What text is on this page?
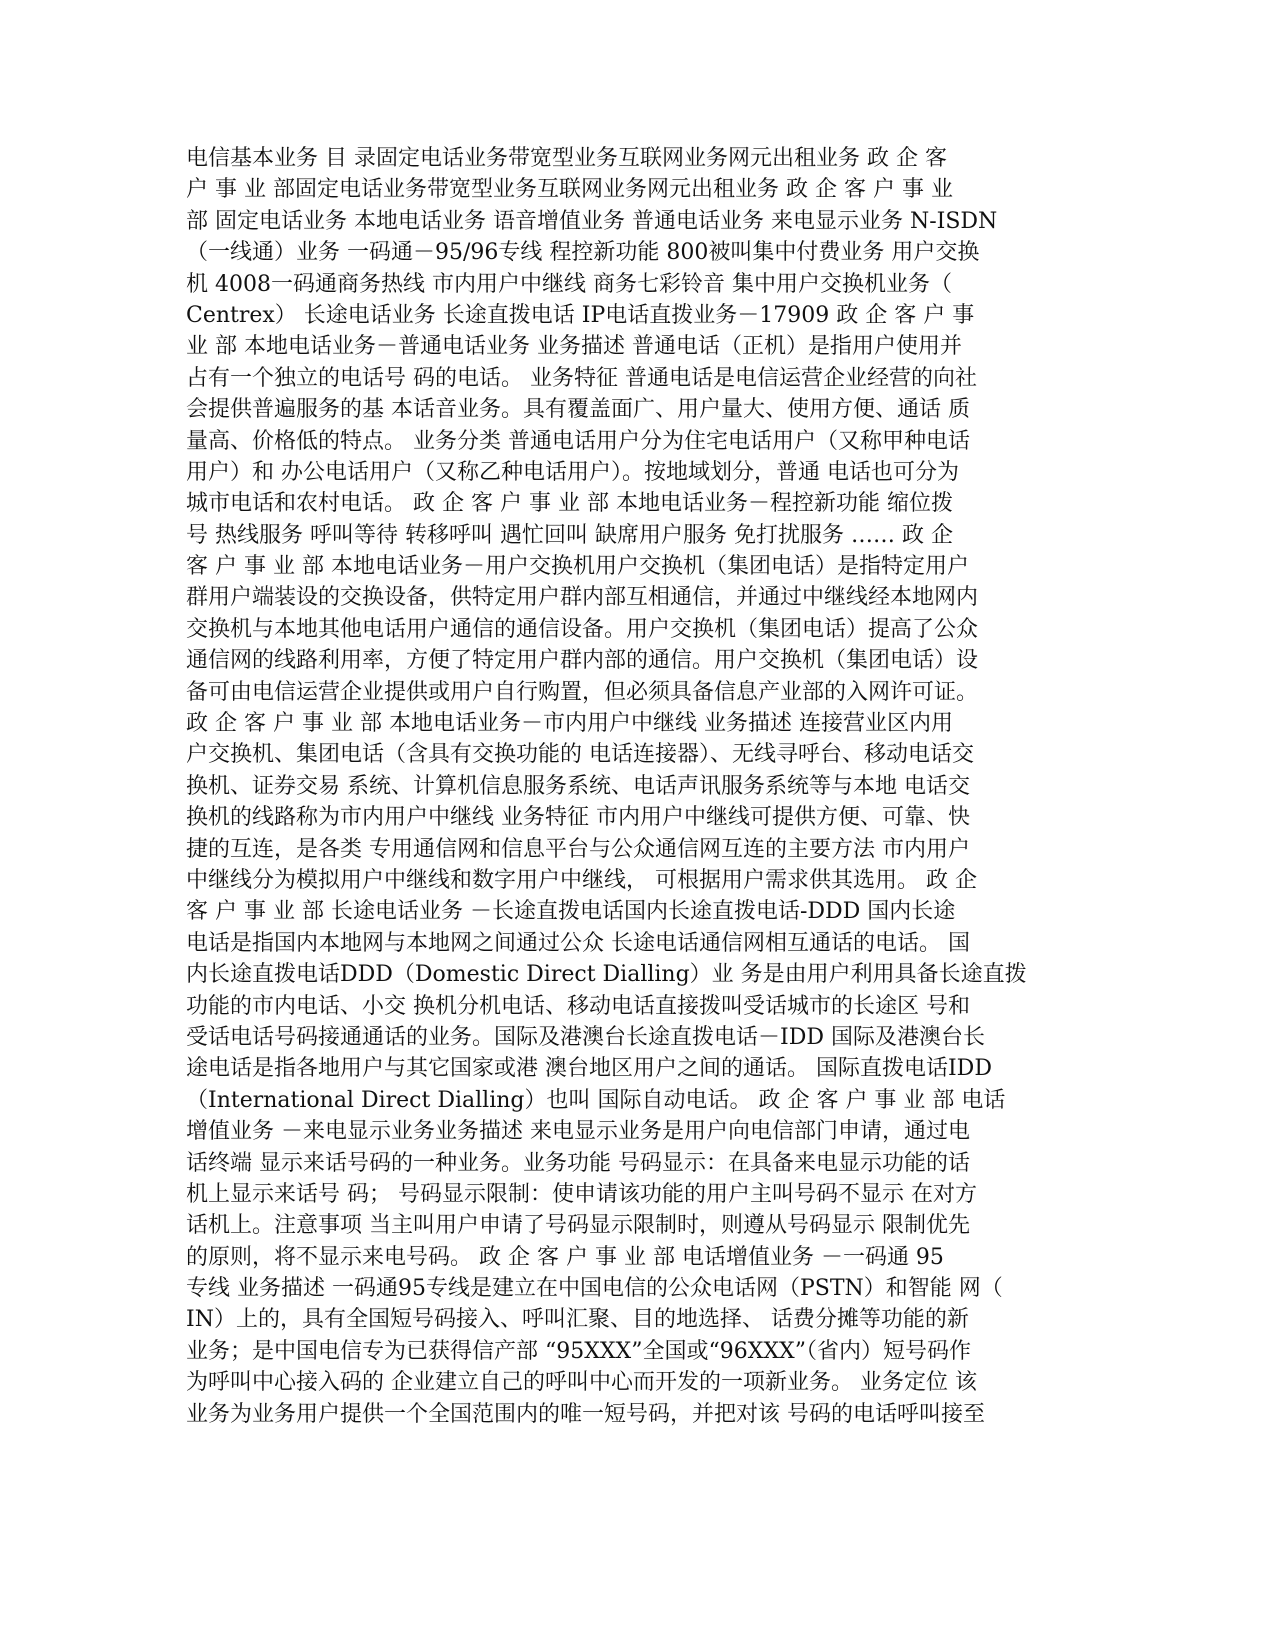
电信基本业务 目 录固定电话业务带宽型业务互联网业务网元出租业务 政 企 客
户 事 业 部固定电话业务带宽型业务互联网业务网元出租业务 政 企 客 户 事 业
部 固定电话业务 本地电话业务 语音增值业务 普通电话业务 来电显示业务 N-ISDN
（一线通）业务 一码通－95/96专线 程控新功能 800被叫集中付费业务 用户交换
机 4008一码通商务热线 市内用户中继线 商务七彩铃音 集中用户交换机业务（
Centrex） 长途电话业务 长途直拨电话 IP电话直拨业务－17909 政 企 客 户 事
业 部 本地电话业务－普通电话业务 业务描述 普通电话（正机）是指用户使用并
占有一个独立的电话号 码的电话。 业务特征 普通电话是电信运营企业经营的向社
会提供普遍服务的基 本话音业务。具有覆盖面广、用户量大、使用方便、通话 质
量高、价格低的特点。 业务分类 普通电话用户分为住宅电话用户（又称甲种电话
用户）和 办公电话用户（又称乙种电话用户）。按地域划分，普通 电话也可分为
城市电话和农村电话。 政 企 客 户 事 业 部 本地电话业务－程控新功能 缩位拨
号 热线服务 呼叫等待 转移呼叫 遇忙回叫 缺席用户服务 免打扰服务 …… 政 企
客 户 事 业 部 本地电话业务－用户交换机用户交换机（集团电话）是指特定用户
群用户端装设的交换设备，供特定用户群内部互相通信，并通过中继线经本地网内
交换机与本地其他电话用户通信的通信设备。用户交换机（集团电话）提高了公众
通信网的线路利用率，方便了特定用户群内部的通信。用户交换机（集团电话）设
备可由电信运营企业提供或用户自行购置，但必须具备信息产业部的入网许可证。
政 企 客 户 事 业 部 本地电话业务－市内用户中继线 业务描述 连接营业区内用
户交换机、集团电话（含具有交换功能的 电话连接器）、无线寻呼台、移动电话交
换机、证券交易 系统、计算机信息服务系统、电话声讯服务系统等与本地 电话交
换机的线路称为市内用户中继线 业务特征 市内用户中继线可提供方便、可靠、快
捷的互连，是各类 专用通信网和信息平台与公众通信网互连的主要方法 市内用户
中继线分为模拟用户中继线和数字用户中继线， 可根据用户需求供其选用。 政 企
客 户 事 业 部 长途电话业务 －长途直拨电话国内长途直拨电话-DDD 国内长途
电话是指国内本地网与本地网之间通过公众 长途电话通信网相互通话的电话。 国
内长途直拨电话DDD（Domestic Direct Dialling）业 务是由用户利用具备长途直拨
功能的市内电话、小交 换机分机电话、移动电话直接拨叫受话城市的长途区 号和
受话电话号码接通通话的业务。国际及港澳台长途直拨电话－IDD 国际及港澳台长
途电话是指各地用户与其它国家或港 澳台地区用户之间的通话。 国际直拨电话IDD
（International Direct Dialling）也叫 国际自动电话。 政 企 客 户 事 业 部 电话
增值业务 －来电显示业务业务描述 来电显示业务是用户向电信部门申请，通过电
话终端 显示来话号码的一种业务。业务功能 号码显示：在具备来电显示功能的话
机上显示来话号 码； 号码显示限制：使申请该功能的用户主叫号码不显示 在对方
话机上。注意事项 当主叫用户申请了号码显示限制时，则遵从号码显示 限制优先
的原则，将不显示来电号码。 政 企 客 户 事 业 部 电话增值业务 －一码通 95
专线 业务描述 一码通95专线是建立在中国电信的公众电话网（PSTN）和智能 网（
IN）上的，具有全国短号码接入、呼叫汇聚、目的地选择、 话费分摊等功能的新
业务；是中国电信专为已获得信产部 “95XXX”全国或“96XXX”（省内）短号码作
为呼叫中心接入码的 企业建立自己的呼叫中心而开发的一项新业务。 业务定位 该
业务为业务用户提供一个全国范围内的唯一短号码，并把对该 号码的电话呼叫接至
